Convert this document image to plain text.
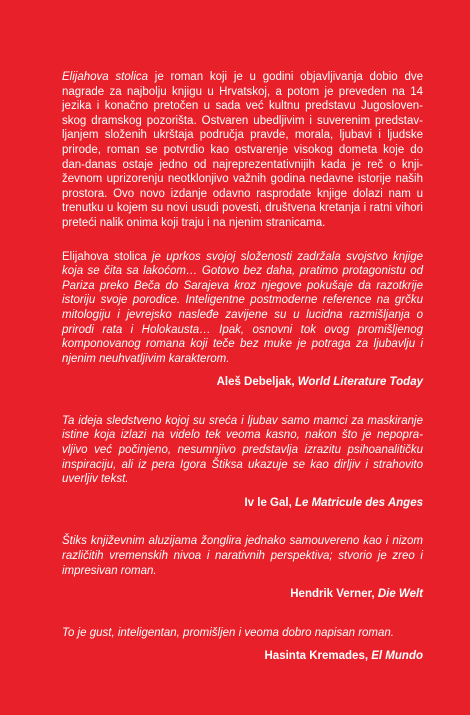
Elijahova stolica je roman koji je u godini objavljivanja dobio dve nagrade za najbolju knjigu u Hrvatskoj, a potom je preveden na 14 jezika i konačno pretočen u sada već kultnu predstavu Jugoslovenskog dramskog pozorišta. Ostvaren ubedljivim i suverenim predstavljanjem složenih ukrštaja područja pravde, morala, ljubavi i ljudske prirode, roman se potvrdio kao ostvarenje visokog dometa koje do dan-danas ostaje jedno od najreprezentativnijih kada je reč o književnom uprizorenju neotklonjivo važnih godina nedavne istorije naših prostora. Ovo novo izdanje odavno rasprodate knjige dolazi nam u trenutku u kojem su novi usudi povesti, društvena kretanja i ratni vihori preteći nalik onima koji traju i na njenim stranicama.

Elijahova stolica je uprkos svojoj složenosti zadržala svojstvo knjige koja se čita sa lakoćom… Gotovo bez daha, pratimo protagonistu od Pariza preko Beča do Sarajeva kroz njegove pokušaje da razotkrije istoriju svoje porodice. Inteligentne postmoderne reference na grčku mitologiju i jevrejsko nasleđe zavijene su u lucidna razmišljanja o prirodi rata i Holokausta… Ipak, osnovni tok ovog promišljenog komponovanog romana koji teče bez muke je potraga za ljubavlju i njenim neuhvatljivim karakterom.

Aleš Debeljak, World Literature Today

Ta ideja sledstveno kojoj su sreća i ljubav samo mamci za maskiranje istine koja izlazi na videlo tek veoma kasno, nakon što je nepopra- vljivo već počinjeno, nesumnjivo predstavlja izrazitu psihoanalitičku inspiraciju, ali iz pera Igora Štiksa ukazuje se kao dirljiv i strahovito uverljiv tekst.

Iv le Gal, Le Matricule des Anges

Štiks književnim aluzijama žonglira jednako samouvereno kao i nizom različitih vremenskih nivoa i narativnih perspektiva; stvorio je zreo i impresivan roman.

Hendrik Verner, Die Welt

To je gust, inteligentan, promišljen i veoma dobro napisan roman.

Hasinta Kremades, El Mundo
